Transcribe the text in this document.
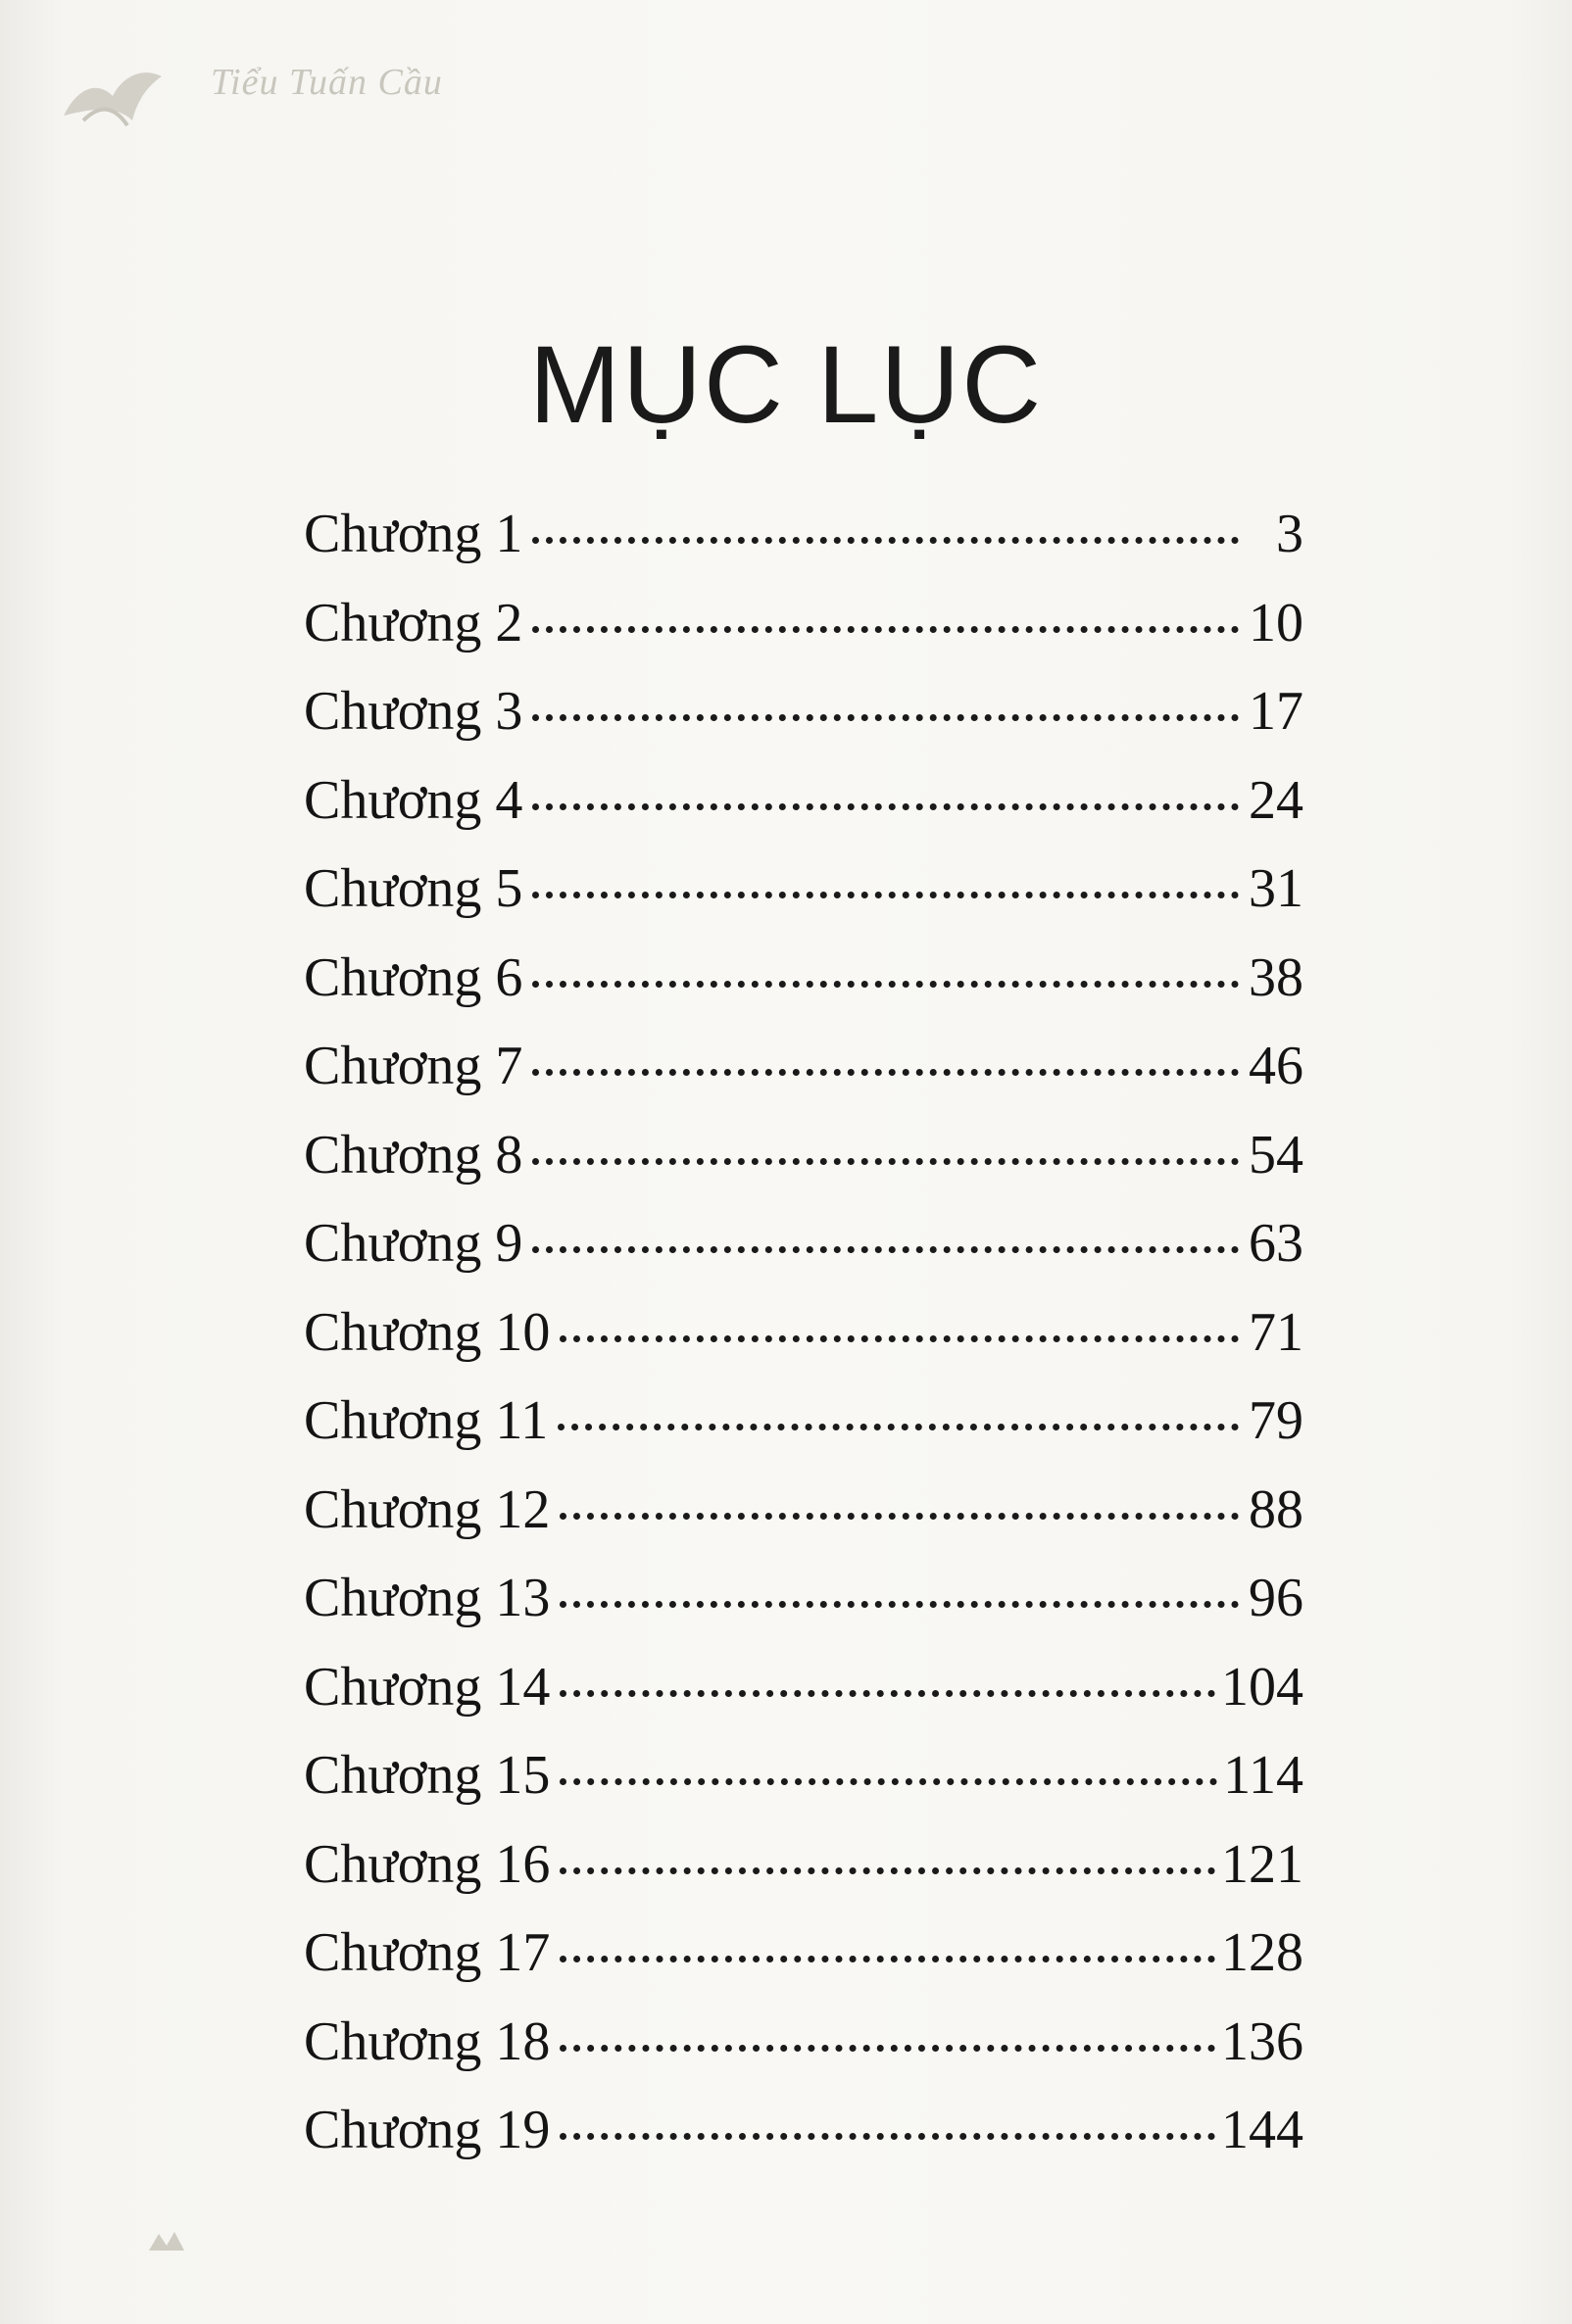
Tiểu Tuấn Cầu
MỤC LỤC
Chương 1	3
Chương 2	10
Chương 3	17
Chương 4	24
Chương 5	31
Chương 6	38
Chương 7	46
Chương 8	54
Chương 9	63
Chương 10	71
Chương 11	79
Chương 12	88
Chương 13	96
Chương 14	104
Chương 15	114
Chương 16	121
Chương 17	128
Chương 18	136
Chương 19	144
